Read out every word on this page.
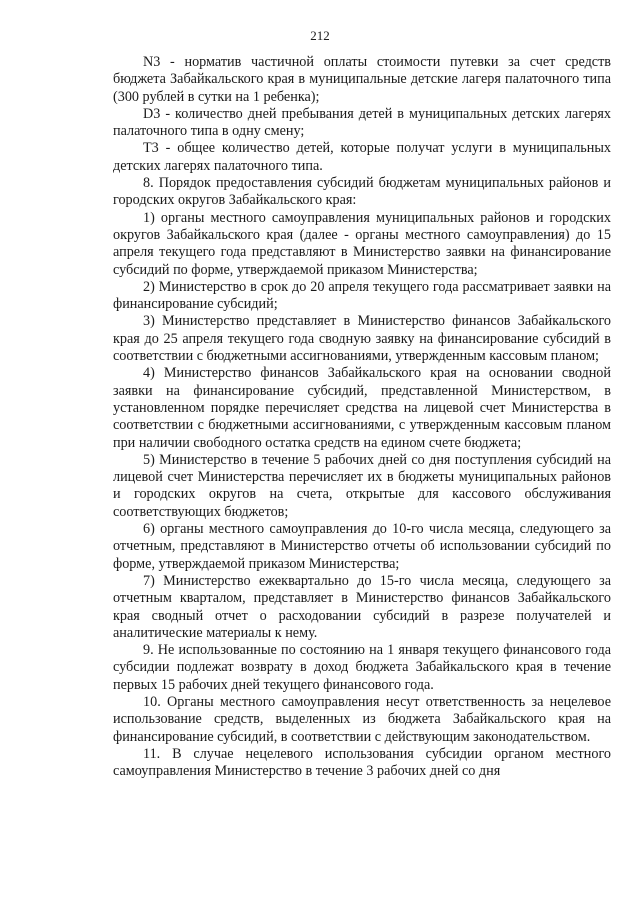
212

N3 - норматив частичной оплаты стоимости путевки за счет средств бюджета Забайкальского края в муниципальные детские лагеря палаточного типа (300 рублей в сутки на 1 ребенка);

D3 - количество дней пребывания детей в муниципальных детских лагерях палаточного типа в одну смену;

Т3 - общее количество детей, которые получат услуги в муниципальных детских лагерях палаточного типа.

8. Порядок предоставления субсидий бюджетам муниципальных районов и городских округов Забайкальского края:

1) органы местного самоуправления муниципальных районов и городских округов Забайкальского края (далее - органы местного самоуправления) до 15 апреля текущего года представляют в Министерство заявки на финансирование субсидий по форме, утверждаемой приказом Министерства;

2) Министерство в срок до 20 апреля текущего года рассматривает заявки на финансирование субсидий;

3) Министерство представляет в Министерство финансов Забайкальского края до 25 апреля текущего года сводную заявку на финансирование субсидий в соответствии с бюджетными ассигнованиями, утвержденным кассовым планом;

4) Министерство финансов Забайкальского края на основании сводной заявки на финансирование субсидий, представленной Министерством, в установленном порядке перечисляет средства на лицевой счет Министерства в соответствии с бюджетными ассигнованиями, с утвержденным кассовым планом при наличии свободного остатка средств на едином счете бюджета;

5) Министерство в течение 5 рабочих дней со дня поступления субсидий на лицевой счет Министерства перечисляет их в бюджеты муниципальных районов и городских округов на счета, открытые для кассового обслуживания соответствующих бюджетов;

6) органы местного самоуправления до 10-го числа месяца, следующего за отчетным, представляют в Министерство отчеты об использовании субсидий по форме, утверждаемой приказом Министерства;

7) Министерство ежеквартально до 15-го числа месяца, следующего за отчетным кварталом, представляет в Министерство финансов Забайкальского края сводный отчет о расходовании субсидий в разрезе получателей и аналитические материалы к нему.

9. Не использованные по состоянию на 1 января текущего финансового года субсидии подлежат возврату в доход бюджета Забайкальского края в течение первых 15 рабочих дней текущего финансового года.

10. Органы местного самоуправления несут ответственность за нецелевое использование средств, выделенных из бюджета Забайкальского края на финансирование субсидий, в соответствии с действующим законодательством.

11. В случае нецелевого использования субсидии органом местного самоуправления Министерство в течение 3 рабочих дней со дня
